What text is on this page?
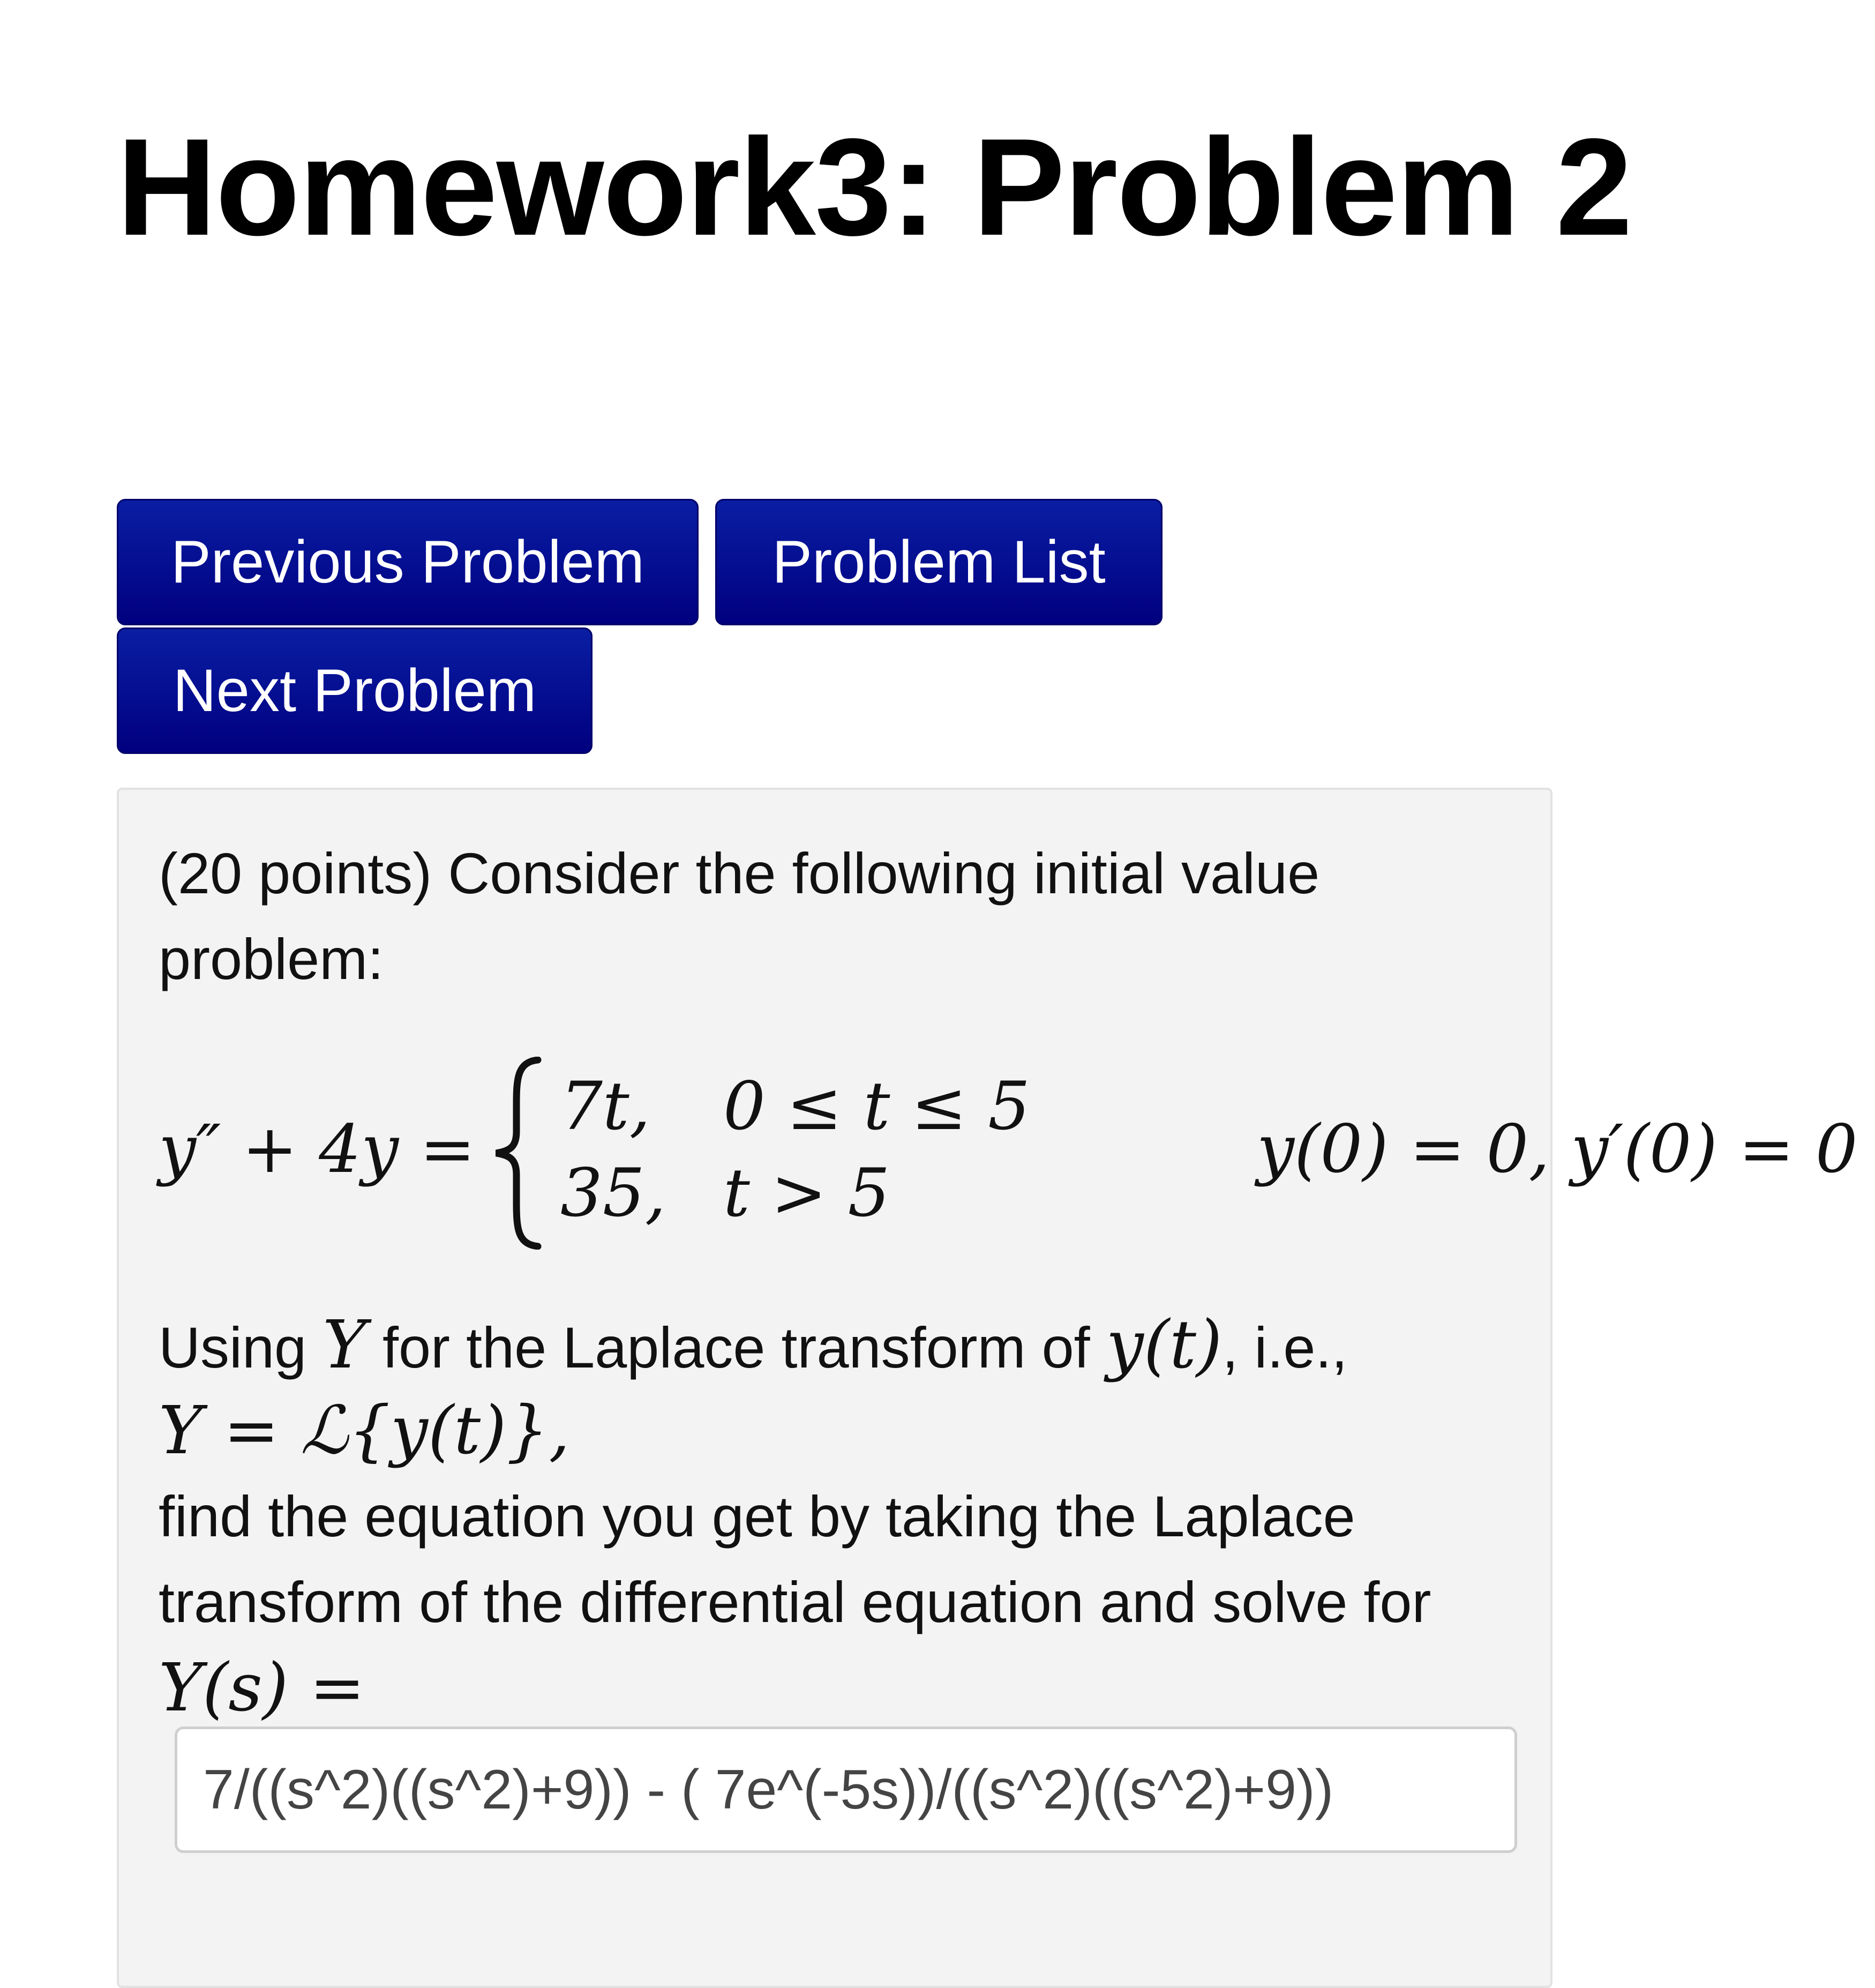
Homework3: Problem 2
Previous Problem	Problem List
Next Problem
(20 points) Consider the following initial value
problem:
y″ + 4y =
7t, 0 ≤ t ≤ 5
35, t > 5
y(0) = 0, y′(0) = 0
Using Y for the Laplace transform of y(t), i.e.,
Y = ℒ{y(t)},
find the equation you get by taking the Laplace
transform of the differential equation and solve for
Y(s) =
7/((s^2)((s^2)+9)) - ( 7e^(-5s))/((s^2)((s^2)+9))
